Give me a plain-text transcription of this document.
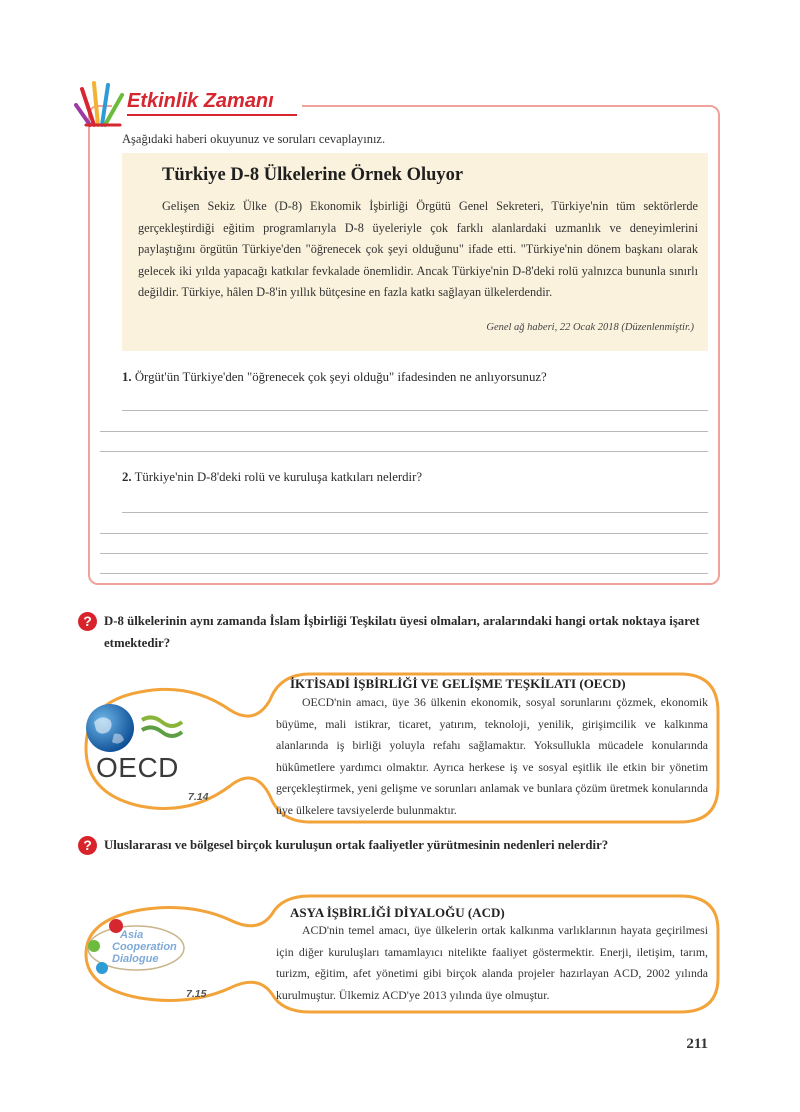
Etkinlik Zamanı
Aşağıdaki haberi okuyunuz ve soruları cevaplayınız.
Türkiye D-8 Ülkelerine Örnek Oluyor
Gelişen Sekiz Ülke (D-8) Ekonomik İşbirliği Örgütü Genel Sekreteri, Türkiye'nin tüm sektörlerde gerçekleştirdiği eğitim programlarıyla D-8 üyeleriyle çok farklı alanlardaki uzmanlık ve deneyimlerini paylaştığını örgütün Türkiye'den "öğrenecek çok şeyi olduğunu" ifade etti. "Türkiye'nin dönem başkanı olarak gelecek iki yılda yapacağı katkılar fevkalade önemlidir. Ancak Türkiye'nin D-8'deki rolü yalnızca bununla sınırlı değildir. Türkiye, hâlen D-8'in yıllık bütçesine en fazla katkı sağlayan ülkelerdendir.
Genel ağ haberi, 22 Ocak 2018 (Düzenlenmiştir.)
1. Örgüt'ün Türkiye'den "öğrenecek çok şeyi olduğu" ifadesinden ne anlıyorsunuz?
2. Türkiye'nin D-8'deki rolü ve kuruluşa katkıları nelerdir?
? D-8 ülkelerinin aynı zamanda İslam İşbirliği Teşkilatı üyesi olmaları, aralarındaki hangi ortak noktaya işaret etmektedir?
OECD
7.14
İKTİSADİ İŞBİRLİĞİ VE GELİŞME TEŞKİLATI (OECD)
OECD'nin amacı, üye 36 ülkenin ekonomik, sosyal sorunlarını çözmek, ekonomik büyüme, mali istikrar, ticaret, yatırım, teknoloji, yenilik, girişimcilik ve kalkınma alanlarında iş birliği yoluyla refahı sağlamaktır. Yoksullukla mücadele konularında hükûmetlere yardımcı olmaktır. Ayrıca herkese iş ve sosyal eşitlik ile etkin bir yönetim gerçekleştirmek, yeni gelişme ve sorunları anlamak ve bunlara çözüm üretmek konularında üye ülkelere tavsiyelerde bulunmaktır.
? Uluslararası ve bölgesel birçok kuruluşun ortak faaliyetler yürütmesinin nedenleri nelerdir?
Asia
Cooperation
Dialogue
7.15
ASYA İŞBİRLİĞİ DİYALOĞU (ACD)
ACD'nin temel amacı, üye ülkelerin ortak kalkınma varlıklarının hayata geçirilmesi için diğer kuruluşları tamamlayıcı nitelikte faaliyet göstermektir. Enerji, iletişim, tarım, turizm, eğitim, afet yönetimi gibi birçok alanda projeler hazırlayan ACD, 2002 yılında kurulmuştur. Ülkemiz ACD'ye 2013 yılında üye olmuştur.
211
